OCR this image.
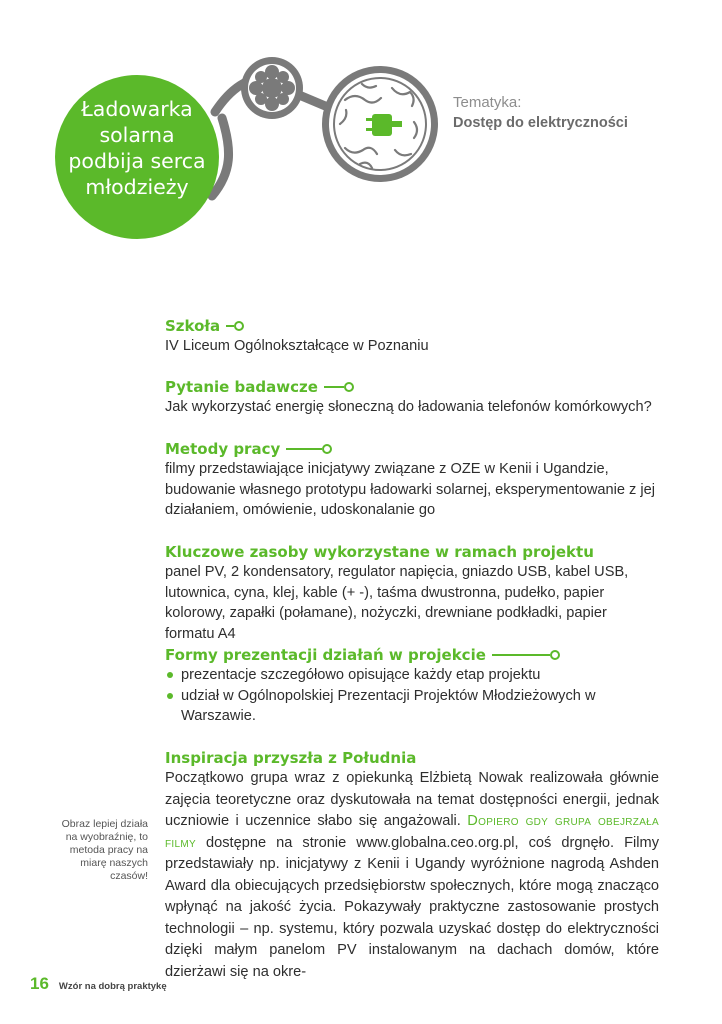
Ładowarka solarna podbija serca młodzieży
Tematyka:
Dostęp do elektryczności
Szkoła
IV Liceum Ogólnokształcące w Poznaniu
Pytanie badawcze
Jak wykorzystać energię słoneczną do ładowania telefonów komórkowych?
Metody pracy
filmy przedstawiające inicjatywy związane z OZE w Kenii i Ugandzie, budowanie własnego prototypu ładowarki solarnej, eksperymentowanie z jej działaniem, omówienie, udoskonalanie go
Kluczowe zasoby wykorzystane w ramach projektu
panel PV, 2 kondensatory, regulator napięcia, gniazdo USB, kabel USB, lutownica, cyna, klej, kable (+ -), taśma dwustronna, pudełko, papier kolorowy, zapałki (połamane), nożyczki, drewniane podkładki, papier formatu A4
Formy prezentacji działań w projekcie
prezentacje szczegółowo opisujące każdy etap projektu
udział w Ogólnopolskiej Prezentacji Projektów Młodzieżowych w Warszawie.
Inspiracja przyszła z Południa
Początkowo grupa wraz z opiekunką Elżbietą Nowak realizowała głównie zajęcia teoretyczne oraz dyskutowała na temat dostępności energii, jednak uczniowie i uczennice słabo się angażowali. Dopiero gdy grupa obejrzała filmy dostępne na stronie www.globalna.ceo.org.pl, coś drgnęło. Filmy przedstawiały np. inicjatywy z Kenii i Ugandy wyróżnione nagrodą Ashden Award dla obiecujących przedsiębiorstw społecznych, które mogą znacząco wpłynąć na jakość życia. Pokazywały praktyczne zastosowanie prostych technologii – np. systemu, który pozwala uzyskać dostęp do elektryczności dzięki małym panelom PV instalowanym na dachach domów, które dzierżawi się na okre-
Obraz lepiej działa na wyobraźnię, to metoda pracy na miarę naszych czasów!
16 Wzór na dobrą praktykę
